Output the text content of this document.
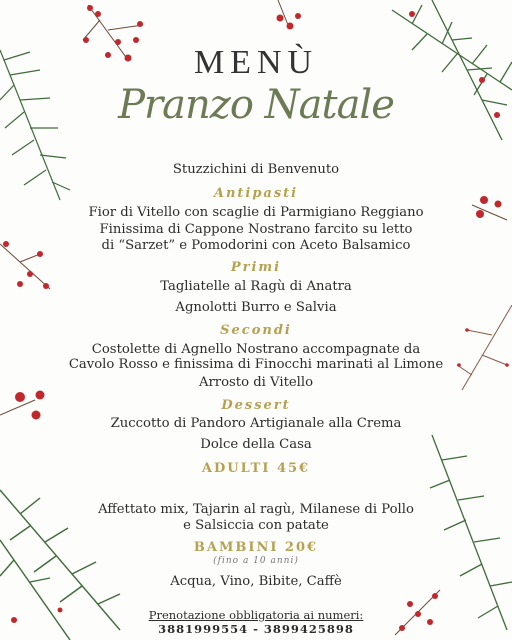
MENÙ
Pranzo Natale
Stuzzichini di Benvenuto
Antipasti
Fior di Vitello con scaglie di Parmigiano Reggiano
Finissima di Cappone Nostrano farcito su letto
di “Sarzet” e Pomodorini con Aceto Balsamico
Primi
Tagliatelle al Ragù di Anatra
Agnolotti Burro e Salvia
Secondi
Costolette di Agnello Nostrano accompagnate da
Cavolo Rosso e finissima di Finocchi marinati al Limone
Arrosto di Vitello
Dessert
Zuccotto di Pandoro Artigianale alla Crema
Dolce della Casa
ADULTI 45€
Affettato mix, Tajarin al ragù, Milanese di Pollo
e Salsiccia con patate
BAMBINI 20€
(fino a 10 anni)
Acqua, Vino, Bibite, Caffè
Prenotazione obbligatoria ai numeri:
3881999554 - 3899425898
